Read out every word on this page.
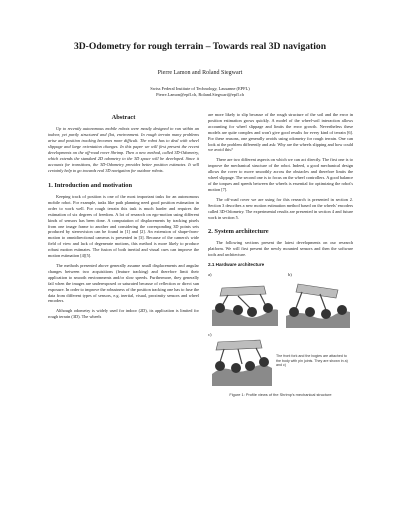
3D-Odometry for rough terrain – Towards real 3D navigation
Pierre Lamon and Roland Siegwart
Swiss Federal Institute of Technology, Lausanne (EPFL)
Pierre.Lamon@epfl.ch, Roland.Siegwart@epfl.ch
Abstract

Up to recently autonomous mobile robots were mostly designed to run within an indoor, yet partly structured and flat, environment. In rough terrain many problems arise and position tracking becomes more difficult. The robot has to deal with wheel slippage and large orientation changes. In this paper we will first present the recent developments on the off-road rover Shrimp. Then a new method, called 3D-Odometry, which extends the standard 2D odometry to the 3D space will be developed. Since it accounts for transitions, the 3D-Odometry provides better position estimates. It will certainly help to go towards real 3D navigation for outdoor robots.

1. Introduction and motivation

Keeping track of position is one of the most important tasks for an autonomous mobile robot. For example, tasks like path planning need good position estimation in order to work well. For rough terrain this task is much harder and requires the estimation of six degrees of freedom. A lot of research on ego-motion using different kinds of sensors has been done. A computation of displacements by tracking pixels from one image frame to another and considering the corresponding 3D points sets produced by stereovision can be found in [1] and [2]. An extension of shape-from-motion to omnidirectional cameras is presented in [3]. Because of the camera's wide field of view and lack of degenerate motions, this method is more likely to produce robust motion estimates. The fusion of both inertial and visual cues can improve the motion estimation [4][5].

The methods presented above generally assume small displacements and angular changes between two acquisitions (feature tracking) and therefore limit their application to smooth environments and/or slow speeds. Furthermore, they generally fail when the images are underexposed or saturated because of reflection or direct sun exposure. In order to improve the robustness of the position tracking one has to fuse the data from different types of sensors, e.g. inertial, visual, proximity sensors and wheel encoders.

Although odometry is widely used for indoor (2D), its application is limited for rough terrain (3D). The wheels

are more likely to slip because of the rough structure of the soil and the error in position estimation grows quickly. A model of the wheel-soil interaction allows accounting for wheel slippage and limits the error growth. Nevertheless these models are quite complex and won't give good results for every kind of terrain [6]. For these reasons, one generally avoids using odometry for rough terrain. One can look at the problem differently and ask: Why are the wheels slipping and how could we avoid this?

There are two different aspects on which we can act directly. The first one is to improve the mechanical structure of the robot. Indeed, a good mechanical design allows the rover to move smoothly across the obstacles and therefore limits the wheel slippage. The second one is to focus on the wheel controllers. A good balance of the torques and speeds between the wheels is essential for optimizing the robot's motion [7].

The off-road rover we are using for this research is presented in section 2. Section 3 describes a new motion estimation method based on the wheels' encoders called 3D-Odometry. The experimental results are presented in section 4 and future work in section 5.

2. System architecture

The following sections present the latest developments on our research platform. We will first present the newly mounted sensors and then the software tools and architecture.

2.1 Hardware architecture
a)	b)
c)
The front fork and the bogies are attached to the body with pin joints. They are shown in a) and c)
Figure 1: Profile views of the Shrimp's mechanical structure
